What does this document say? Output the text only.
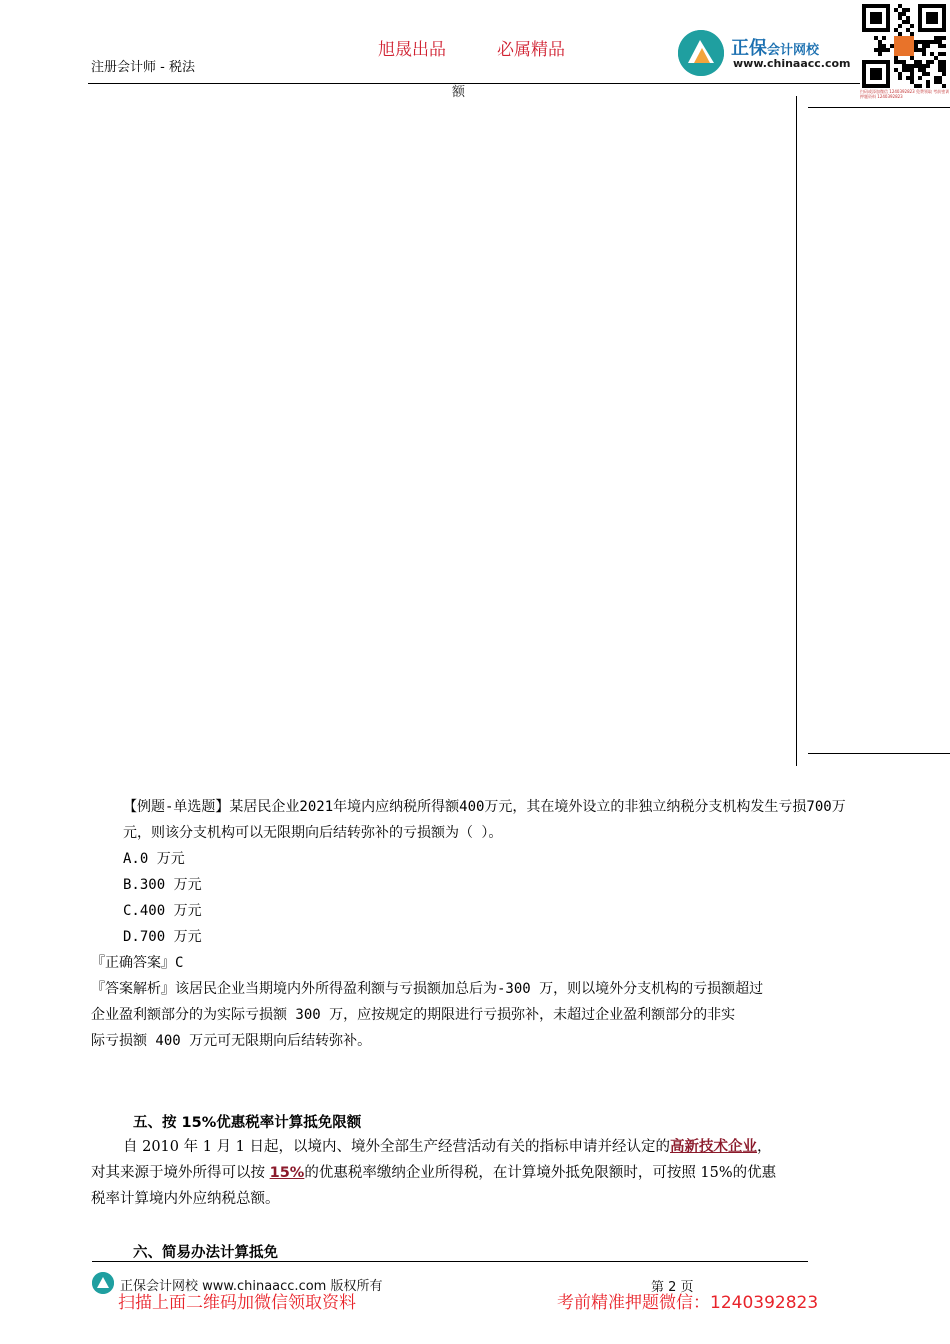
注册会计师 - 税法
旭晟出品	必属精品
额
正保会计网校
www.chinaacc.com
扫码或添加微信 1240392823 免费领取 考前密训押题资料 1240392823

【例题-单选题】某居民企业2021年境内应纳税所得额400万元，其在境外设立的非独立纳税分支机构发生亏损700万元，则该分支机构可以无限期向后结转弥补的亏损额为（ ）。

A.0 万元

B.300 万元

C.400 万元

D.700 万元

『正确答案』C

『答案解析』该居民企业当期境内外所得盈利额与亏损额加总后为-300 万，则以境外分支机构的亏损额超过

企业盈利额部分的为实际亏损额 300 万，应按规定的期限进行亏损弥补，未超过企业盈利额部分的非实

际亏损额 400 万元可无限期向后结转弥补。

五、按 15%优惠税率计算抵免限额

自 2010 年 1 月 1 日起，以境内、境外全部生产经营活动有关的指标申请并经认定的高新技术企业，

对其来源于境外所得可以按 15%的优惠税率缴纳企业所得税，在计算境外抵免限额时，可按照 15%的优惠

税率计算境内外应纳税总额。

六、简易办法计算抵免
正保会计网校 www.chinaacc.com 版权所有	第 2 页
扫描上面二维码加微信领取资料	考前精准押题微信：1240392823
